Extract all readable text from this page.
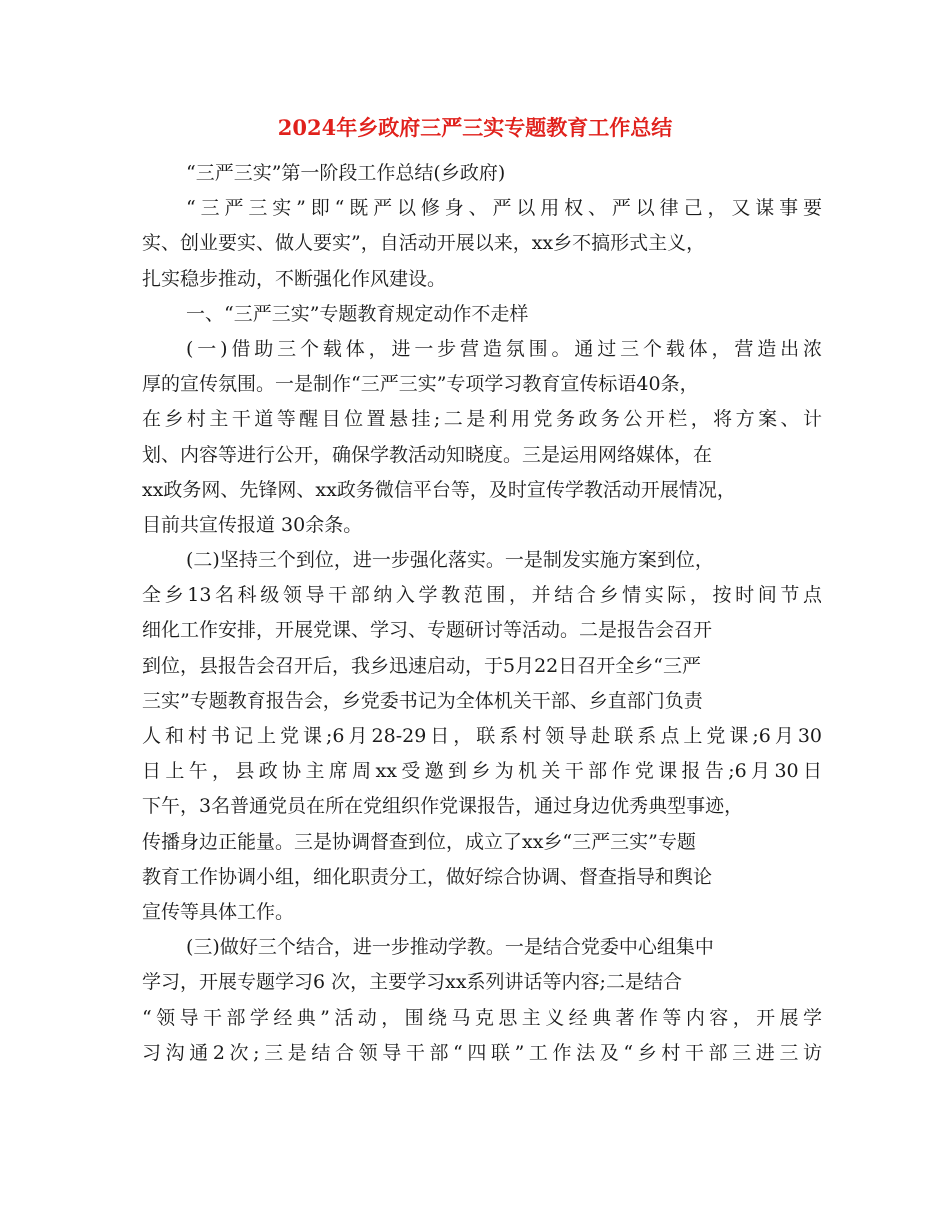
2024年乡政府三严三实专题教育工作总结
“三严三实”第一阶段工作总结(乡政府)
“三严三实”即“既严以修身、严以用权、严以律己，又谋事要
实、创业要实、做人要实”，自活动开展以来，xx乡不搞形式主义，
扎实稳步推动，不断强化作风建设。
一、“三严三实”专题教育规定动作不走样
(一)借助三个载体，进一步营造氛围。通过三个载体，营造出浓
厚的宣传氛围。一是制作“三严三实”专项学习教育宣传标语40条，
在乡村主干道等醒目位置悬挂;二是利用党务政务公开栏，将方案、计
划、内容等进行公开，确保学教活动知晓度。三是运用网络媒体，在
xx政务网、先锋网、xx政务微信平台等，及时宣传学教活动开展情况，
目前共宣传报道 30余条。
(二)坚持三个到位，进一步强化落实。一是制发实施方案到位，
全乡13名科级领导干部纳入学教范围，并结合乡情实际，按时间节点
细化工作安排，开展党课、学习、专题研讨等活动。二是报告会召开
到位，县报告会召开后，我乡迅速启动，于5月22日召开全乡“三严
三实”专题教育报告会，乡党委书记为全体机关干部、乡直部门负责
人和村书记上党课;6月28-29日，联系村领导赴联系点上党课;6月30
日上午，县政协主席周xx受邀到乡为机关干部作党课报告;6月30日
下午，3名普通党员在所在党组织作党课报告，通过身边优秀典型事迹，
传播身边正能量。三是协调督查到位，成立了xx乡“三严三实”专题
教育工作协调小组，细化职责分工，做好综合协调、督查指导和舆论
宣传等具体工作。
(三)做好三个结合，进一步推动学教。一是结合党委中心组集中
学习，开展专题学习6 次，主要学习xx系列讲话等内容;二是结合
“领导干部学经典”活动，围绕马克思主义经典著作等内容，开展学
习沟通2次;三是结合领导干部“四联”工作法及“乡村干部三进三访
